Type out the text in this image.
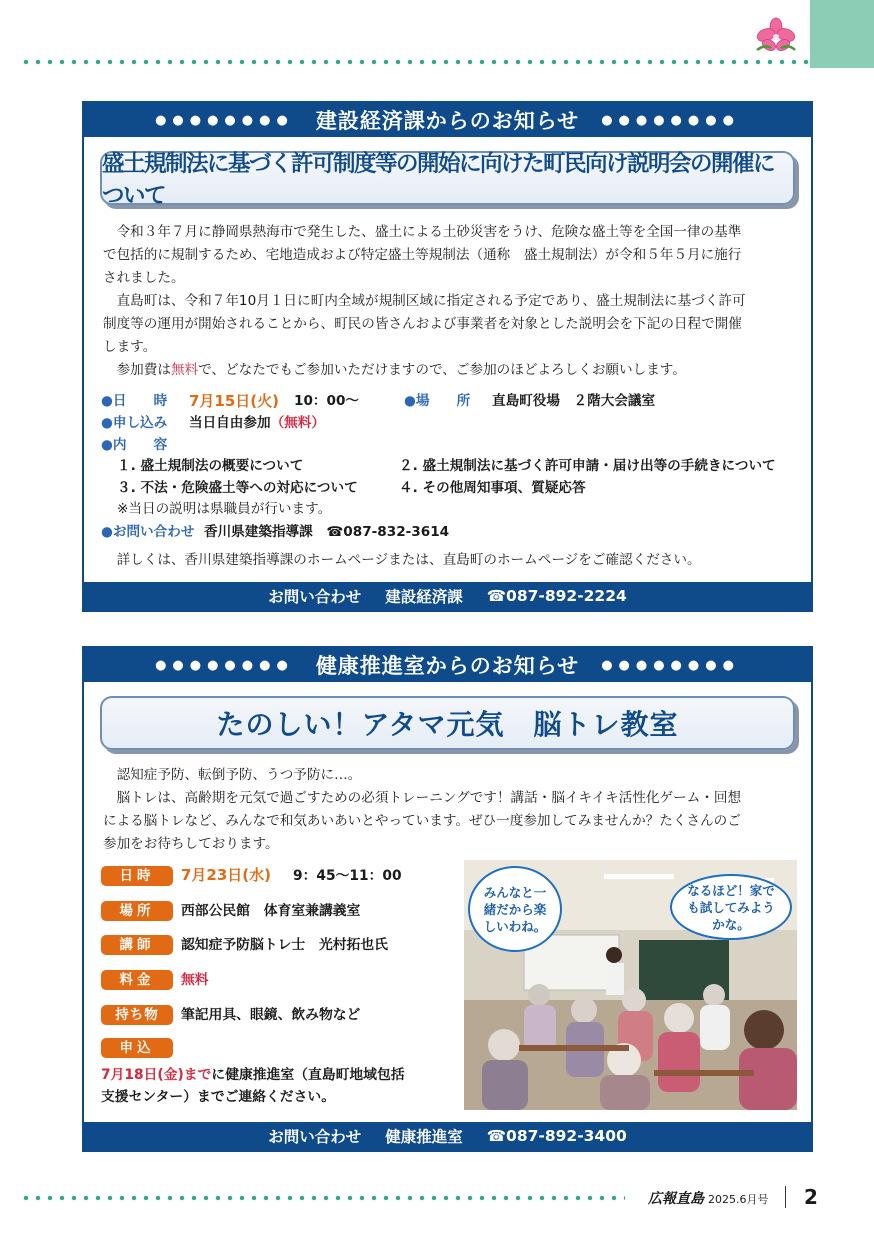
●●●●●●●● 建設経済課からのお知らせ ●●●●●●●●
盛土規制法に基づく許可制度等の開始に向けた町民向け説明会の開催について
令和３年７月に静岡県熱海市で発生した、盛土による土砂災害をうけ、危険な盛土等を全国一律の基準
で包括的に規制するため、宅地造成および特定盛土等規制法（通称　盛土規制法）が令和５年５月に施行
されました。
直島町は、令和７年10月１日に町内全域が規制区域に指定される予定であり、盛土規制法に基づく許可
制度等の運用が開始されることから、町民の皆さんおよび事業者を対象とした説明会を下記の日程で開催
します。
参加費は無料で、どなたでもご参加いただけますので、ご参加のほどよろしくお願いします。
●日　　時	7月15日(火)	10：00～	●場　　所	直島町役場　２階大会議室
●申し込み 当日自由参加（無料）
●内　　容
１. 盛土規制法の概要について	２. 盛土規制法に基づく許可申請・届け出等の手続きについて
３. 不法・危険盛土等への対応について	４. その他周知事項、質疑応答
※当日の説明は県職員が行います。
●お問い合わせ 香川県建築指導課　☎087-832-3614
詳しくは、香川県建築指導課のホームページまたは、直島町のホームページをご確認ください。
お問い合わせ 建設経済課 ☎087-892-2224
●●●●●●●● 健康推進室からのお知らせ ●●●●●●●●
たのしい！アタマ元気　脳トレ教室
認知症予防、転倒予防、うつ予防に…。
脳トレは、高齢期を元気で過ごすための必須トレーニングです！講話・脳イキイキ活性化ゲーム・回想
による脳トレなど、みんなで和気あいあいとやっています。ぜひ一度参加してみませんか？たくさんのご
参加をお待ちしております。
日時 7月23日(水) 9：45～11：00
場所 西部公民館　体育室兼講義室
講師 認知症予防脳トレ士　光村拓也氏
料金 無料
持ち物 筆記用具、眼鏡、飲み物など
申込
7月18日(金)までに健康推進室（直島町地域包括
支援センター）までご連絡ください。
みんなと一緒だから楽しいわね。
なるほど！家でも試してみようかな。
お問い合わせ 健康推進室 ☎087-892-3400
広報直島 2025.6月号 2
